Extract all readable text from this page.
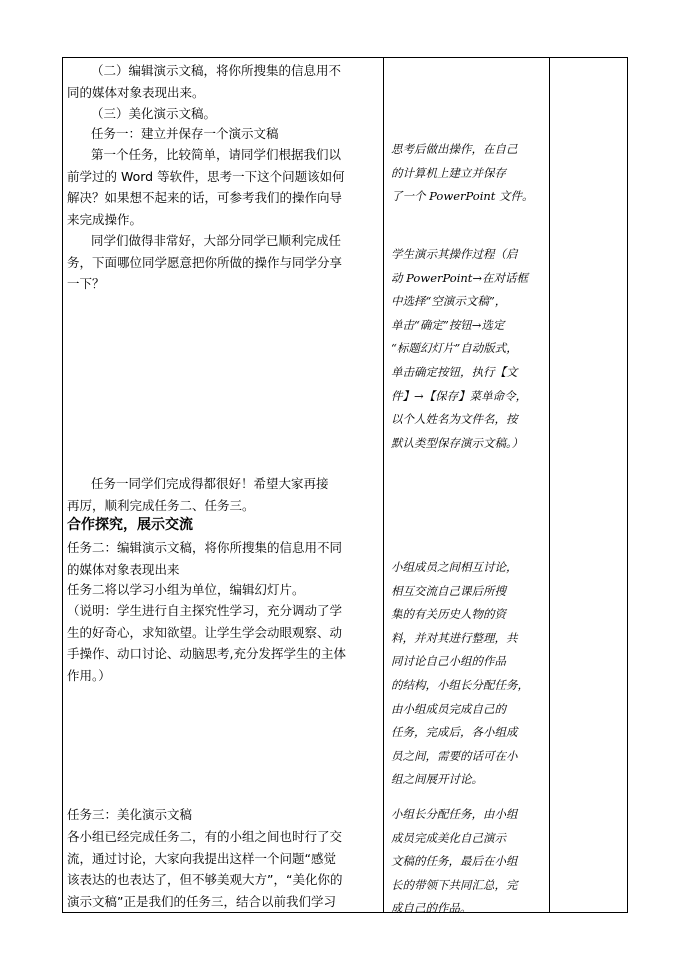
（二）编辑演示文稿，将你所搜集的信息用不
同的媒体对象表现出来。
（三）美化演示文稿。
任务一：建立并保存一个演示文稿
第一个任务，比较简单，请同学们根据我们以
前学过的 Word 等软件，思考一下这个问题该如何
解决？如果想不起来的话，可参考我们的操作向导
来完成操作。
同学们做得非常好，大部分同学已顺利完成任
务，下面哪位同学愿意把你所做的操作与同学分享
一下？
任务一同学们完成得都很好！希望大家再接
再厉，顺利完成任务二、任务三。
合作探究，展示交流
任务二：编辑演示文稿，将你所搜集的信息用不同
的媒体对象表现出来
任务二将以学习小组为单位，编辑幻灯片。
（说明：学生进行自主探究性学习，充分调动了学
生的好奇心，求知欲望。让学生学会动眼观察、动
手操作、动口讨论、动脑思考,充分发挥学生的主体
作用。）
任务三：美化演示文稿
各小组已经完成任务二，有的小组之间也时行了交
流，通过讨论，大家向我提出这样一个问题“感觉
该表达的也表达了，但不够美观大方”，“美化你的
演示文稿”正是我们的任务三，结合以前我们学习
思考后做出操作，在自己
的计算机上建立并保存
了一个 PowerPoint 文件。
学生演示其操作过程（启
动 PowerPoint→在对话框
中选择“空演示文稿”，
单击“确定”按钮→选定
“标题幻灯片”自动版式，
单击确定按钮，执行【文
件】→【保存】菜单命令，
以个人姓名为文件名，按
默认类型保存演示文稿。）
小组成员之间相互讨论，
相互交流自己课后所搜
集的有关历史人物的资
料，并对其进行整理，共
同讨论自己小组的作品
的结构，小组长分配任务，
由小组成员完成自己的
任务，完成后，各小组成
员之间，需要的话可在小
组之间展开讨论。
小组长分配任务，由小组
成员完成美化自己演示
文稿的任务，最后在小组
长的带领下共同汇总，完
成自己的作品。
